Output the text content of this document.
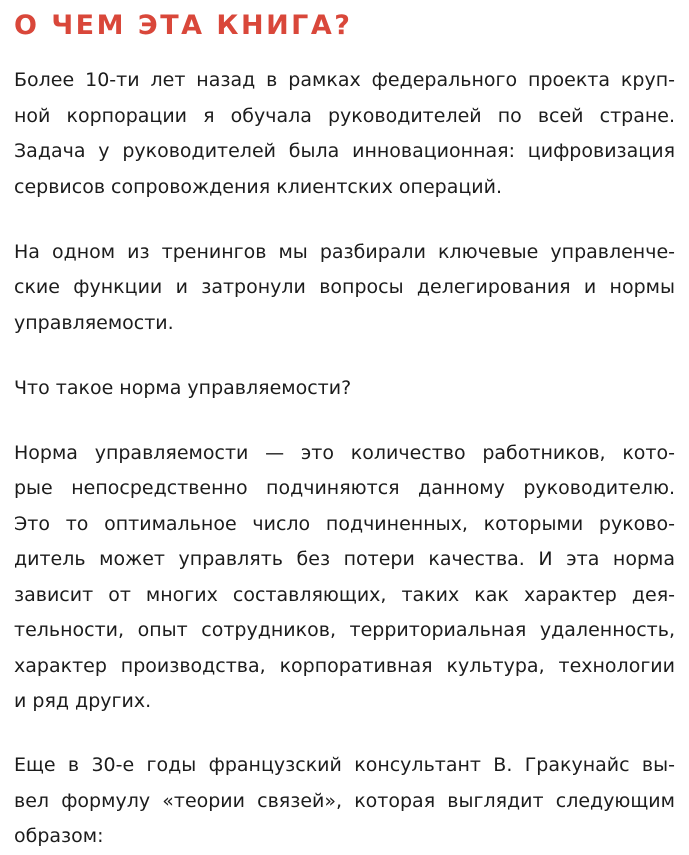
О ЧЕМ ЭТА КНИГА?
Более 10-ти лет назад в рамках федерального проекта круп-
ной корпорации я обучала руководителей по всей стране.
Задача у руководителей была инновационная: цифровизация
сервисов сопровождения клиентских операций.
На одном из тренингов мы разбирали ключевые управленче-
ские функции и затронули вопросы делегирования и нормы
управляемости.
Что такое норма управляемости?
Норма управляемости — это количество работников, кото-
рые непосредственно подчиняются данному руководителю.
Это то оптимальное число подчиненных, которыми руково-
дитель может управлять без потери качества. И эта норма
зависит от многих составляющих, таких как характер дея-
тельности, опыт сотрудников, территориальная удаленность,
характер производства, корпоративная культура, технологии
и ряд других.
Еще в 30-е годы французский консультант В. Гракунайс вы-
вел формулу «теории связей», которая выглядит следующим
образом:
